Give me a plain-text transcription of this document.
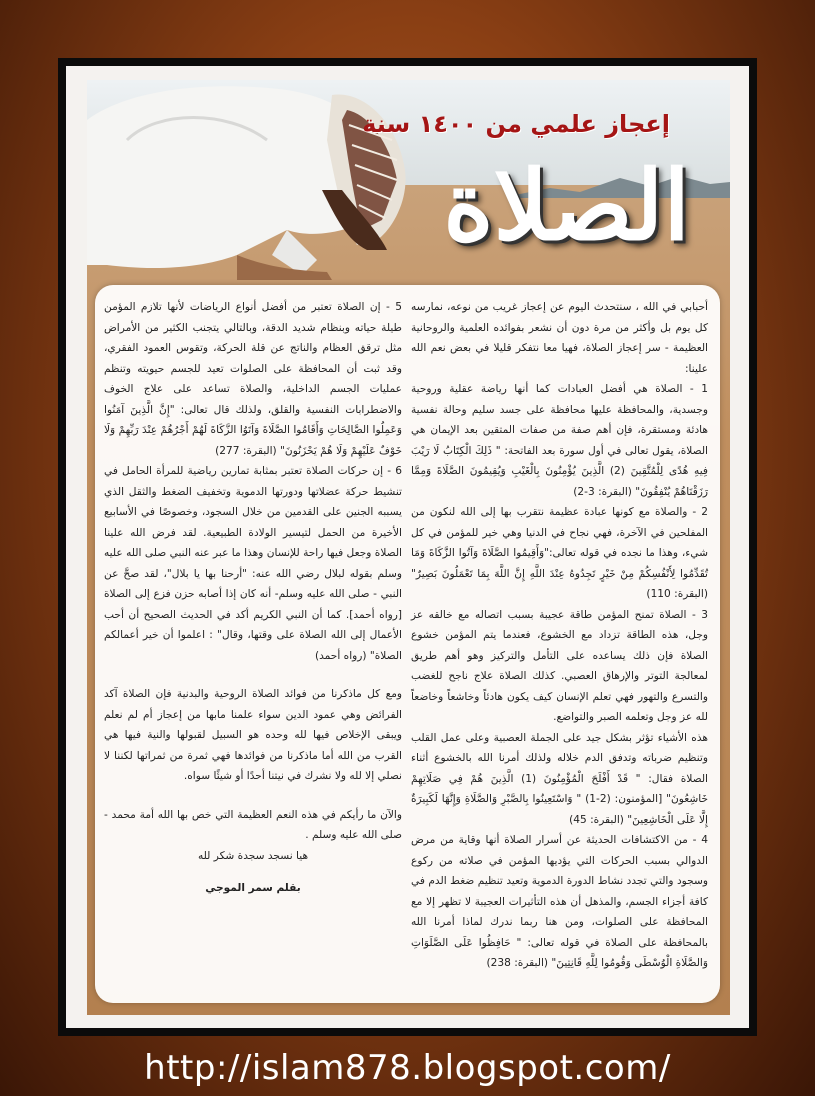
إعجاز علمي من ١٤٠٠ سنة
الصلاة

أحبابي في الله ، سنتحدث اليوم عن إعجاز غريب من نوعه، نمارسه كل يوم بل وأكثر من مرة دون أن نشعر بفوائده العلمية والروحانية العظيمة - سر إعجاز الصلاة، فهيا معا نتفكر قليلا في بعض نعم الله علينا:

1 - الصلاة هي أفضل العبادات كما أنها رياضة عقلية وروحية وجسدية، والمحافظة عليها محافظة على جسد سليم وحالة نفسية هادئة ومستقرة، فإن أهم صفة من صفات المتقين بعد الإيمان هي الصلاة، يقول تعالى في أول سورة بعد الفاتحة: " ذَلِكَ الْكِتَابُ لَا رَيْبَ فِيهِ هُدًى لِلْمُتَّقِينَ (2) الَّذِينَ يُؤْمِنُونَ بِالْغَيْبِ وَيُقِيمُونَ الصَّلَاةَ وَمِمَّا رَزَقْنَاهُمْ يُنْفِقُونَ" (البقرة: 3-2)

2 - والصلاة مع كونها عبادة عظيمة نتقرب بها إلى الله لنكون من المفلحين في الآخرة، فهي نجاح في الدنيا وهي خير للمؤمن في كل شيء، وهذا ما نجده في قوله تعالى:"وَأَقِيمُوا الصَّلَاةَ وَآتُوا الزَّكَاةَ وَمَا تُقَدِّمُوا لِأَنْفُسِكُمْ مِنْ خَيْرٍ تَجِدُوهُ عِنْدَ اللَّهِ إِنَّ اللَّهَ بِمَا تَعْمَلُونَ بَصِيرٌ" (البقرة: 110)

3 - الصلاة تمنح المؤمن طاقة عجيبة بسبب اتصاله مع خالقه عز وجل، هذه الطاقة تزداد مع الخشوع، فعندما يتم المؤمن خشوع الصلاة فإن ذلك يساعده على التأمل والتركيز وهو أهم طريق لمعالجة التوتر والإرهاق العصبي. كذلك الصلاة علاج ناجح للغضب والتسرع والتهور فهي تعلم الإنسان كيف يكون هادئاً وخاشعاً وخاضعاً لله عز وجل وتعلمه الصبر والتواضع.

هذه الأشياء تؤثر بشكل جيد على الجملة العصبية وعلى عمل القلب وتنظيم ضرباته وتدفق الدم خلاله ولذلك أمرنا الله بالخشوع أثناء الصلاة فقال: " قَدْ أَفْلَحَ الْمُؤْمِنُونَ (1) الَّذِينَ هُمْ فِي صَلَاتِهِمْ خَاشِعُونَ" [المؤمنون: (2-1) " وَاسْتَعِينُوا بِالصَّبْرِ وَالصَّلَاةِ وَإِنَّهَا لَكَبِيرَةٌ إِلَّا عَلَى الْخَاشِعِينَ" (البقرة: 45)

4 - من الاكتشافات الحديثة عن أسرار الصلاة أنها وقاية من مرض الدوالي بسبب الحركات التي يؤديها المؤمن في صلاته من ركوع وسجود والتي تجدد نشاط الدورة الدموية وتعيد تنظيم ضغط الدم في كافة أجزاء الجسم، والمذهل أن هذه التأثيرات العجيبة لا تظهر إلا مع المحافظة على الصلوات، ومن هنا ربما ندرك لماذا أمرنا الله بالمحافظة على الصلاة في قوله تعالى: " حَافِظُوا عَلَى الصَّلَوَاتِ وَالصَّلَاةِ الْوُسْطَى وَقُومُوا لِلَّهِ قَانِتِينَ" (البقرة: 238)

5 - إن الصلاة تعتبر من أفضل أنواع الرياضات لأنها تلازم المؤمن طيلة حياته وبنظام شديد الدقة، وبالتالي يتجنب الكثير من الأمراض مثل ترقق العظام والناتج عن قلة الحركة، وتقوس العمود الفقري، وقد ثبت أن المحافظة على الصلوات تعيد للجسم حيويته وتنظم عمليات الجسم الداخلية، والصلاة تساعد على علاج الخوف والاضطرابات النفسية والقلق، ولذلك قال تعالى: "إِنَّ الَّذِينَ آمَنُوا وَعَمِلُوا الصَّالِحَاتِ وَأَقَامُوا الصَّلَاةَ وَآتَوُا الزَّكَاةَ لَهُمْ أَجْرُهُمْ عِنْدَ رَبِّهِمْ وَلَا خَوْفٌ عَلَيْهِمْ وَلَا هُمْ يَحْزَنُونَ" (البقرة: 277)

6 - إن حركات الصلاة تعتبر بمثابة تمارين رياضية للمرأة الحامل في تنشيط حركة عضلاتها ودورتها الدموية وتخفيف الضغط والثقل الذي يسببه الجنين على القدمين من خلال السجود، وخصوصًا في الأسابيع الأخيرة من الحمل لتيسير الولادة الطبيعية. لقد فرض الله علينا الصلاة وجعل فيها راحة للإنسان وهذا ما عبر عنه النبي صلى الله عليه وسلم بقوله لبلال رضي الله عنه: "أرحنا بها يا بلال"، لقد صحَّ عن النبي - صلى الله عليه وسلم- أنه كان إذا أصابه حزن فزع إلى الصلاة [رواه أحمد]. كما أن النبي الكريم أكد في الحديث الصحيح أن أحب الأعمال إلى الله الصلاة على وقتها، وقال" : اعلموا أن خير أعمالكم الصلاة" (رواه أحمد)

ومع كل ماذكرنا من فوائد الصلاة الروحية والبدنية فإن الصلاة آكد الفرائض وهي عمود الدين سواء علمنا مابها من إعجاز أم لم نعلم ويبقى الإخلاص فيها لله وحده هو السبيل لقبولها والنية فيها هي القرب من الله أما ماذكرنا من فوائدها فهي ثمرة من ثمراتها لكننا لا نصلي إلا لله ولا نشرك في نيتنا أحدًا أو شيئًا سواه.

والآن ما رأيكم في هذه النعم العظيمة التي خص بها الله أمة محمد - صلى الله عليه وسلم .

هيا نسجد سجدة شكر لله

بقلم سمر الموجي

http://islam878.blogspot.com/
